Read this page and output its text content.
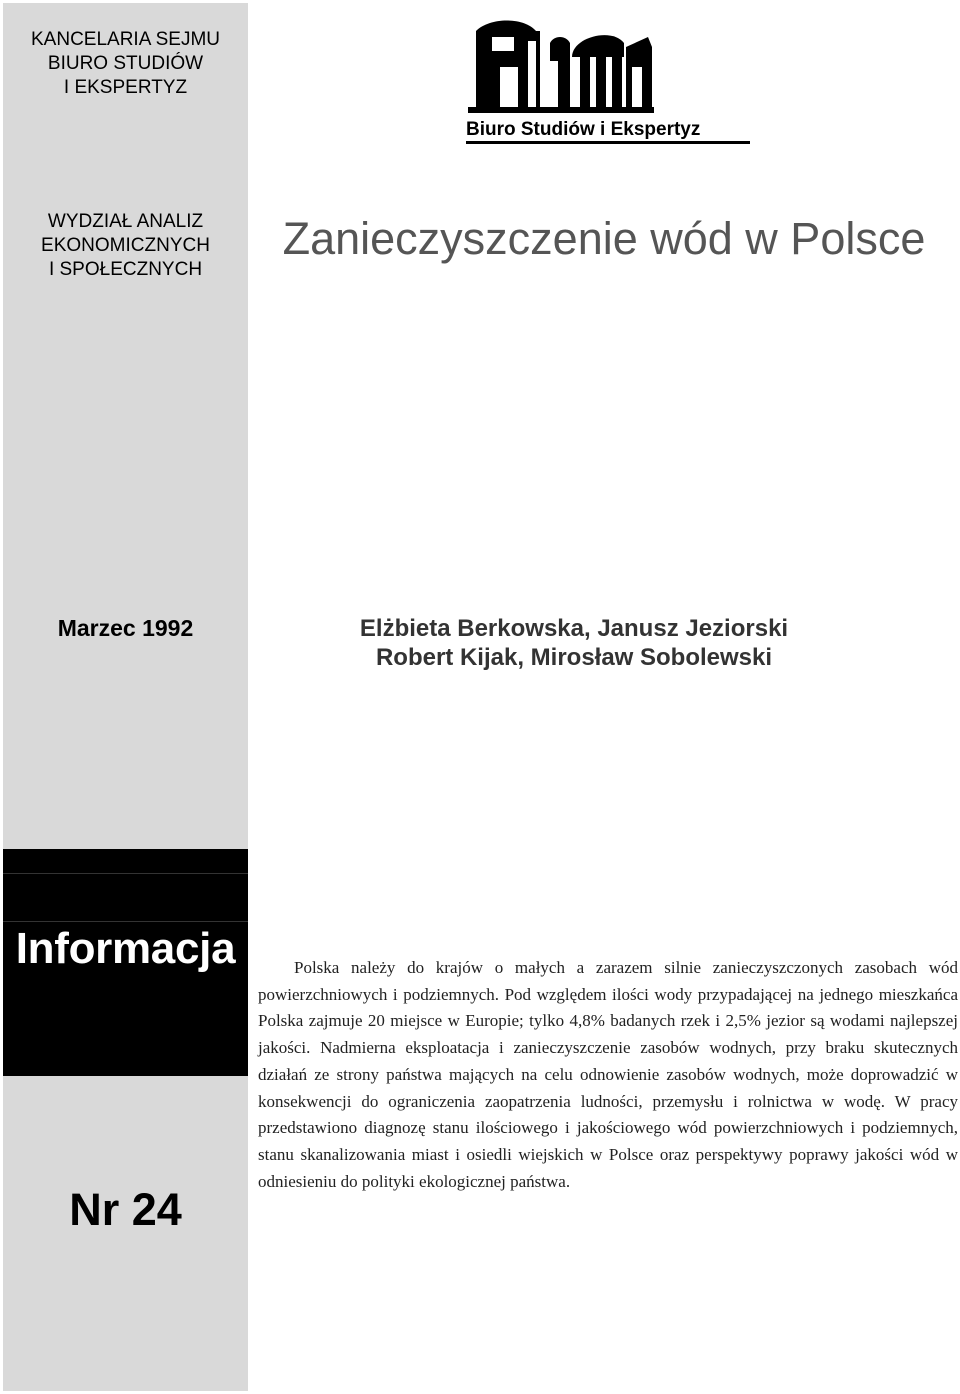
KANCELARIA SEJMU
BIURO STUDIÓW
I EKSPERTYZ
WYDZIAŁ ANALIZ
EKONOMICZNYCH
I SPOŁECZNYCH
Marzec 1992
Informacja
Nr 24
Biuro Studiów i Ekspertyz
Zanieczyszczenie wód w Polsce
Elżbieta Berkowska, Janusz Jeziorski
Robert Kijak, Mirosław Sobolewski
Polska należy do krajów o małych a zarazem silnie zanieczyszczonych zasobach wód powierzchniowych i podziemnych. Pod względem ilości wody przypadającej na jednego mieszkańca Polska zajmuje 20 miejsce w Europie; tylko 4,8% badanych rzek i 2,5% jezior są wodami najlepszej jakości. Nadmierna eksploatacja i zanieczyszczenie zasobów wodnych, przy braku skutecznych działań ze strony państwa mających na celu odnowienie zasobów wodnych, może doprowadzić w konsekwencji do ograniczenia zaopatrzenia ludności, przemysłu i rolnictwa w wodę. W pracy przedstawiono diagnozę stanu ilościowego i jakościowego wód powierzchniowych i podziemnych, stanu skanalizowania miast i osiedli wiejskich w Polsce oraz perspektywy poprawy jakości wód w odniesieniu do polityki ekologicznej państwa.
